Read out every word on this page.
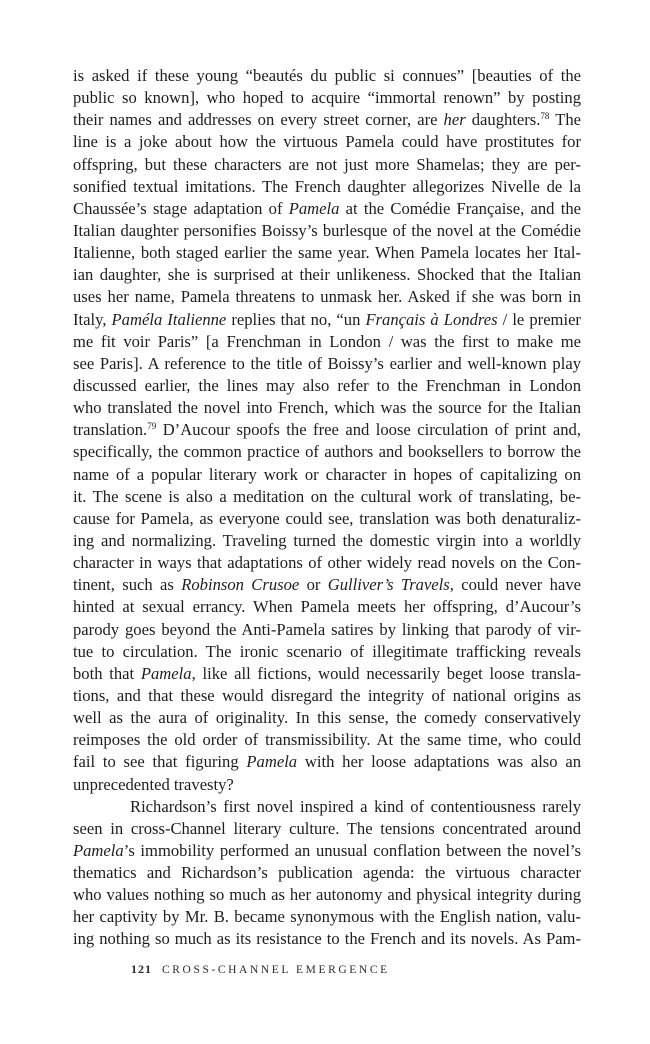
is asked if these young “beautés du public si connues” [beauties of the
public so known], who hoped to acquire “immortal renown” by posting
their names and addresses on every street corner, are her daughters.$^{78}$ The
line is a joke about how the virtuous Pamela could have prostitutes for
offspring, but these characters are not just more Shamelas; they are per-
sonified textual imitations. The French daughter allegorizes Nivelle de la
Chaussée’s stage adaptation of Pamela at the Comédie Française, and the
Italian daughter personifies Boissy’s burlesque of the novel at the Comédie
Italienne, both staged earlier the same year. When Pamela locates her Ital-
ian daughter, she is surprised at their unlikeness. Shocked that the Italian
uses her name, Pamela threatens to unmask her. Asked if she was born in
Italy, Paméla Italienne replies that no, “un Français à Londres / le premier
me fit voir Paris” [a Frenchman in London / was the first to make me
see Paris]. A reference to the title of Boissy’s earlier and well-known play
discussed earlier, the lines may also refer to the Frenchman in London
who translated the novel into French, which was the source for the Italian
translation.$^{79}$ D’Aucour spoofs the free and loose circulation of print and,
specifically, the common practice of authors and booksellers to borrow the
name of a popular literary work or character in hopes of capitalizing on
it. The scene is also a meditation on the cultural work of translating, be-
cause for Pamela, as everyone could see, translation was both denaturaliz-
ing and normalizing. Traveling turned the domestic virgin into a worldly
character in ways that adaptations of other widely read novels on the Con-
tinent, such as Robinson Crusoe or Gulliver’s Travels, could never have
hinted at sexual errancy. When Pamela meets her offspring, d’Aucour’s
parody goes beyond the Anti-Pamela satires by linking that parody of vir-
tue to circulation. The ironic scenario of illegitimate trafficking reveals
both that Pamela, like all fictions, would necessarily beget loose transla-
tions, and that these would disregard the integrity of national origins as
well as the aura of originality. In this sense, the comedy conservatively
reimposes the old order of transmissibility. At the same time, who could
fail to see that figuring Pamela with her loose adaptations was also an
unprecedented travesty?
Richardson’s first novel inspired a kind of contentiousness rarely
seen in cross-Channel literary culture. The tensions concentrated around
Pamela’s immobility performed an unusual conflation between the novel’s
thematics and Richardson’s publication agenda: the virtuous character
who values nothing so much as her autonomy and physical integrity during
her captivity by Mr. B. became synonymous with the English nation, valu-
ing nothing so much as its resistance to the French and its novels. As Pam-
121 CROSS-CHANNEL EMERGENCE
